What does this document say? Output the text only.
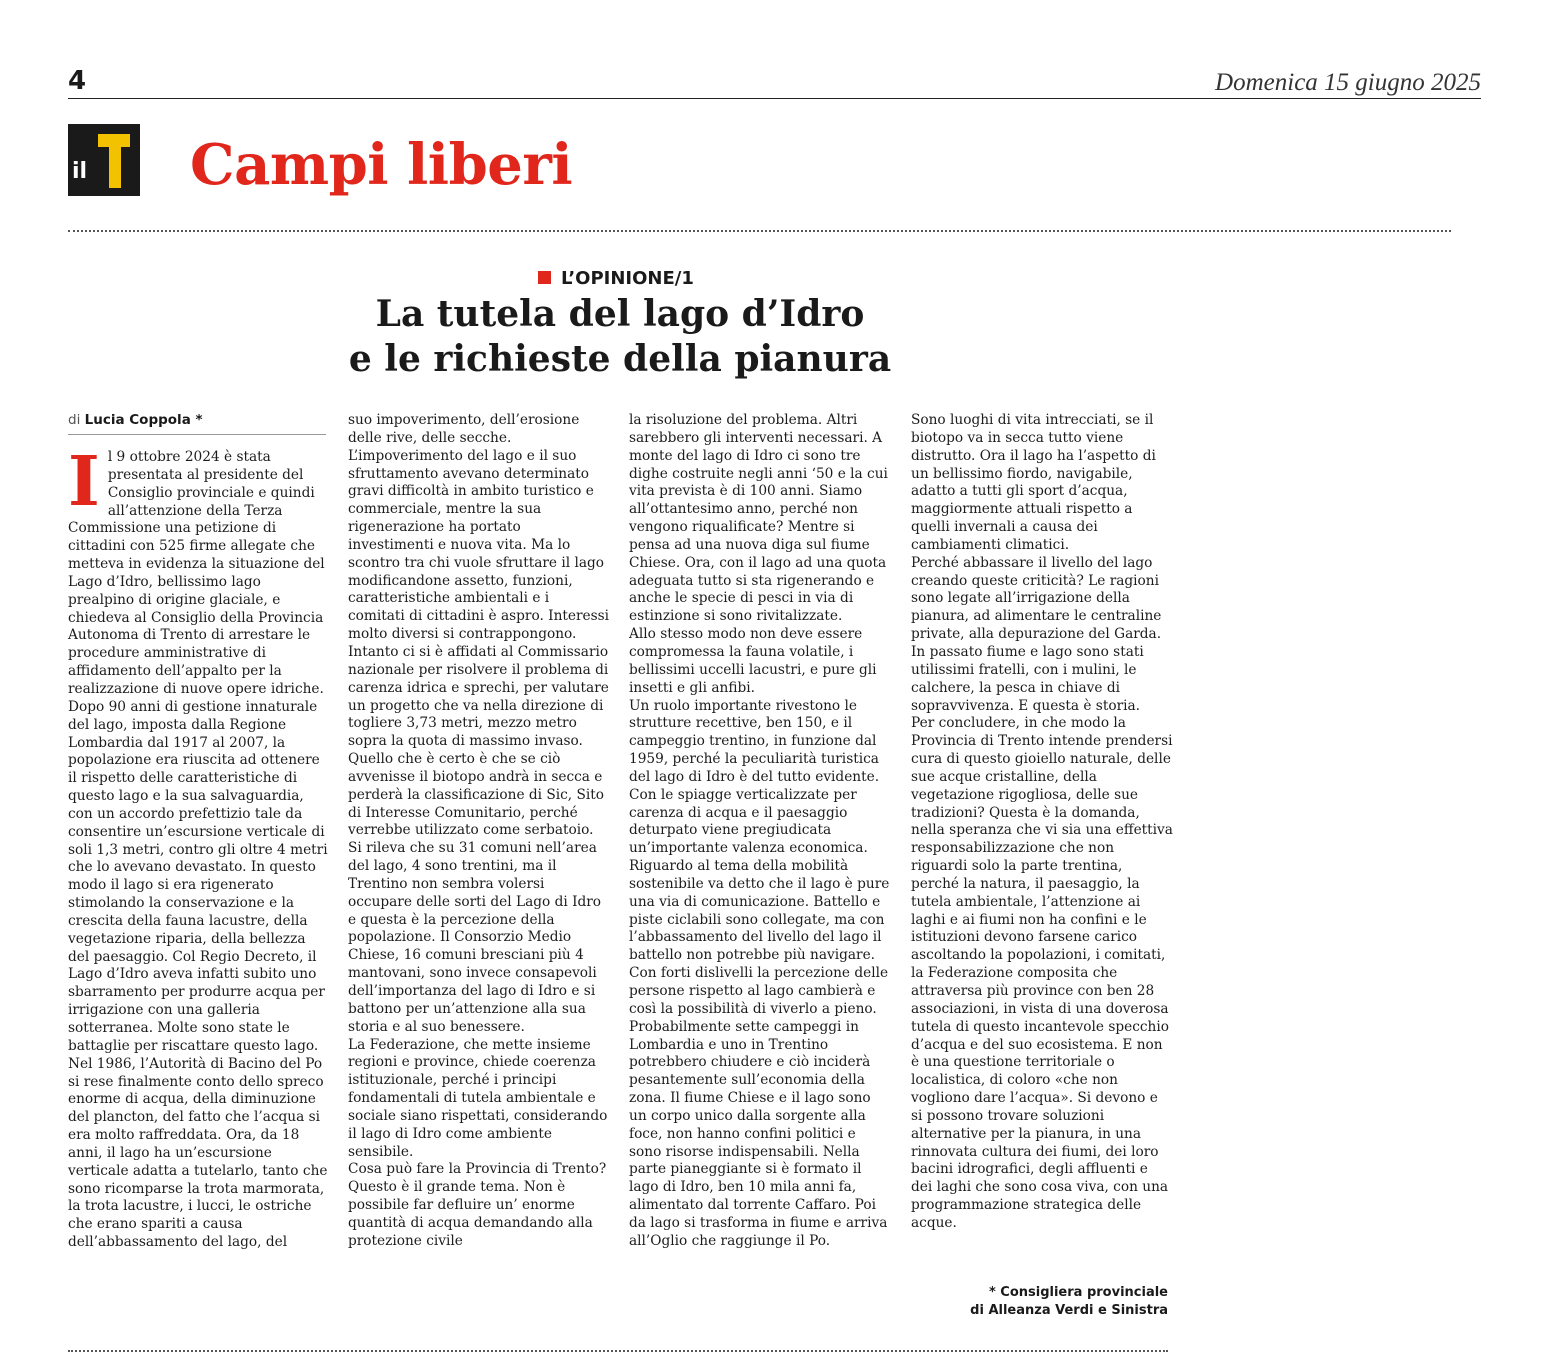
4	Domenica 15 giugno 2025
il Campi liberi
L’OPINIONE/1
La tutela del lago d’Idro
e le richieste della pianura
di Lucia Coppola *

Il 9 ottobre 2024 è stata presentata al presidente del Consiglio provinciale e quindi all’attenzione della Terza Commissione una petizione di cittadini con 525 firme allegate che metteva in evidenza la situazione del Lago d’Idro, bellissimo lago prealpino di origine glaciale, e chiedeva al Consiglio della Provincia Autonoma di Trento di arrestare le procedure amministrative di affidamento dell’appalto per la realizzazione di nuove opere idriche. Dopo 90 anni di gestione innaturale del lago, imposta dalla Regione Lombardia dal 1917 al 2007, la popolazione era riuscita ad ottenere il rispetto delle caratteristiche di questo lago e la sua salvaguardia, con un accordo prefettizio tale da consentire un’escursione verticale di soli 1,3 metri, contro gli oltre 4 metri che lo avevano devastato. In questo modo il lago si era rigenerato stimolando la conservazione e la crescita della fauna lacustre, della vegetazione riparia, della bellezza del paesaggio. Col Regio Decreto, il Lago d’Idro aveva infatti subito uno sbarramento per produrre acqua per irrigazione con una galleria sotterranea. Molte sono state le battaglie per riscattare questo lago.

Nel 1986, l’Autorità di Bacino del Po si rese finalmente conto dello spreco enorme di acqua, della diminuzione del plancton, del fatto che l’acqua si era molto raffreddata. Ora, da 18 anni, il lago ha un’escursione verticale adatta a tutelarlo, tanto che sono ricomparse la trota marmorata, la trota lacustre, i lucci, le ostriche che erano spariti a causa dell’abbassamento del lago, del

suo impoverimento, dell’erosione delle rive, delle secche. L’impoverimento del lago e il suo sfruttamento avevano determinato gravi difficoltà in ambito turistico e commerciale, mentre la sua rigenerazione ha portato investimenti e nuova vita. Ma lo scontro tra chi vuole sfruttare il lago modificandone assetto, funzioni, caratteristiche ambientali e i comitati di cittadini è aspro. Interessi molto diversi si contrappongono. Intanto ci si è affidati al Commissario nazionale per risolvere il problema di carenza idrica e sprechi, per valutare un progetto che va nella direzione di togliere 3,73 metri, mezzo metro sopra la quota di massimo invaso. Quello che è certo è che se ciò avvenisse il biotopo andrà in secca e perderà la classificazione di Sic, Sito di Interesse Comunitario, perché verrebbe utilizzato come serbatoio.

Si rileva che su 31 comuni nell’area del lago, 4 sono trentini, ma il Trentino non sembra volersi occupare delle sorti del Lago di Idro e questa è la percezione della popolazione. Il Consorzio Medio Chiese, 16 comuni bresciani più 4 mantovani, sono invece consapevoli dell’importanza del lago di Idro e si battono per un’attenzione alla sua storia e al suo benessere.

La Federazione, che mette insieme regioni e province, chiede coerenza istituzionale, perché i principi fondamentali di tutela ambientale e sociale siano rispettati, considerando il lago di Idro come ambiente sensibile.

Cosa può fare la Provincia di Trento? Questo è il grande tema. Non è possibile far defluire un’ enorme quantità di acqua demandando alla protezione civile

la risoluzione del problema. Altri sarebbero gli interventi necessari. A monte del lago di Idro ci sono tre dighe costruite negli anni ‘50 e la cui vita prevista è di 100 anni. Siamo all’ottantesimo anno, perché non vengono riqualificate? Mentre si pensa ad una nuova diga sul fiume Chiese. Ora, con il lago ad una quota adeguata tutto si sta rigenerando e anche le specie di pesci in via di estinzione si sono rivitalizzate.

Allo stesso modo non deve essere compromessa la fauna volatile, i bellissimi uccelli lacustri, e pure gli insetti e gli anfibi.

Un ruolo importante rivestono le strutture recettive, ben 150, e il campeggio trentino, in funzione dal 1959, perché la peculiarità turistica del lago di Idro è del tutto evidente. Con le spiagge verticalizzate per carenza di acqua e il paesaggio deturpato viene pregiudicata un’importante valenza economica. Riguardo al tema della mobilità sostenibile va detto che il lago è pure una via di comunicazione. Battello e piste ciclabili sono collegate, ma con l’abbassamento del livello del lago il battello non potrebbe più navigare. Con forti dislivelli la percezione delle persone rispetto al lago cambierà e così la possibilità di viverlo a pieno.

Probabilmente sette campeggi in Lombardia e uno in Trentino potrebbero chiudere e ciò inciderà pesantemente sull’economia della zona. Il fiume Chiese e il lago sono un corpo unico dalla sorgente alla foce, non hanno confini politici e sono risorse indispensabili. Nella parte pianeggiante si è formato il lago di Idro, ben 10 mila anni fa, alimentato dal torrente Caffaro. Poi da lago si trasforma in fiume e arriva all’Oglio che raggiunge il Po.

Sono luoghi di vita intrecciati, se il biotopo va in secca tutto viene distrutto. Ora il lago ha l’aspetto di un bellissimo fiordo, navigabile, adatto a tutti gli sport d’acqua, maggiormente attuali rispetto a quelli invernali a causa dei cambiamenti climatici.

Perché abbassare il livello del lago creando queste criticità? Le ragioni sono legate all’irrigazione della pianura, ad alimentare le centraline private, alla depurazione del Garda. In passato fiume e lago sono stati utilissimi fratelli, con i mulini, le calchere, la pesca in chiave di sopravvivenza. E questa è storia.

Per concludere, in che modo la Provincia di Trento intende prendersi cura di questo gioiello naturale, delle sue acque cristalline, della vegetazione rigogliosa, delle sue tradizioni? Questa è la domanda, nella speranza che vi sia una effettiva responsabilizzazione che non riguardi solo la parte trentina, perché la natura, il paesaggio, la tutela ambientale, l’attenzione ai laghi e ai fiumi non ha confini e le istituzioni devono farsene carico ascoltando la popolazioni, i comitati, la Federazione composita che attraversa più province con ben 28 associazioni, in vista di una doverosa tutela di questo incantevole specchio d’acqua e del suo ecosistema. E non è una questione territoriale o localistica, di coloro «che non vogliono dare l’acqua». Si devono e si possono trovare soluzioni alternative per la pianura, in una rinnovata cultura dei fiumi, dei loro bacini idrografici, degli affluenti e dei laghi che sono cosa viva, con una programmazione strategica delle acque.

* Consigliera provinciale
di Alleanza Verdi e Sinistra
